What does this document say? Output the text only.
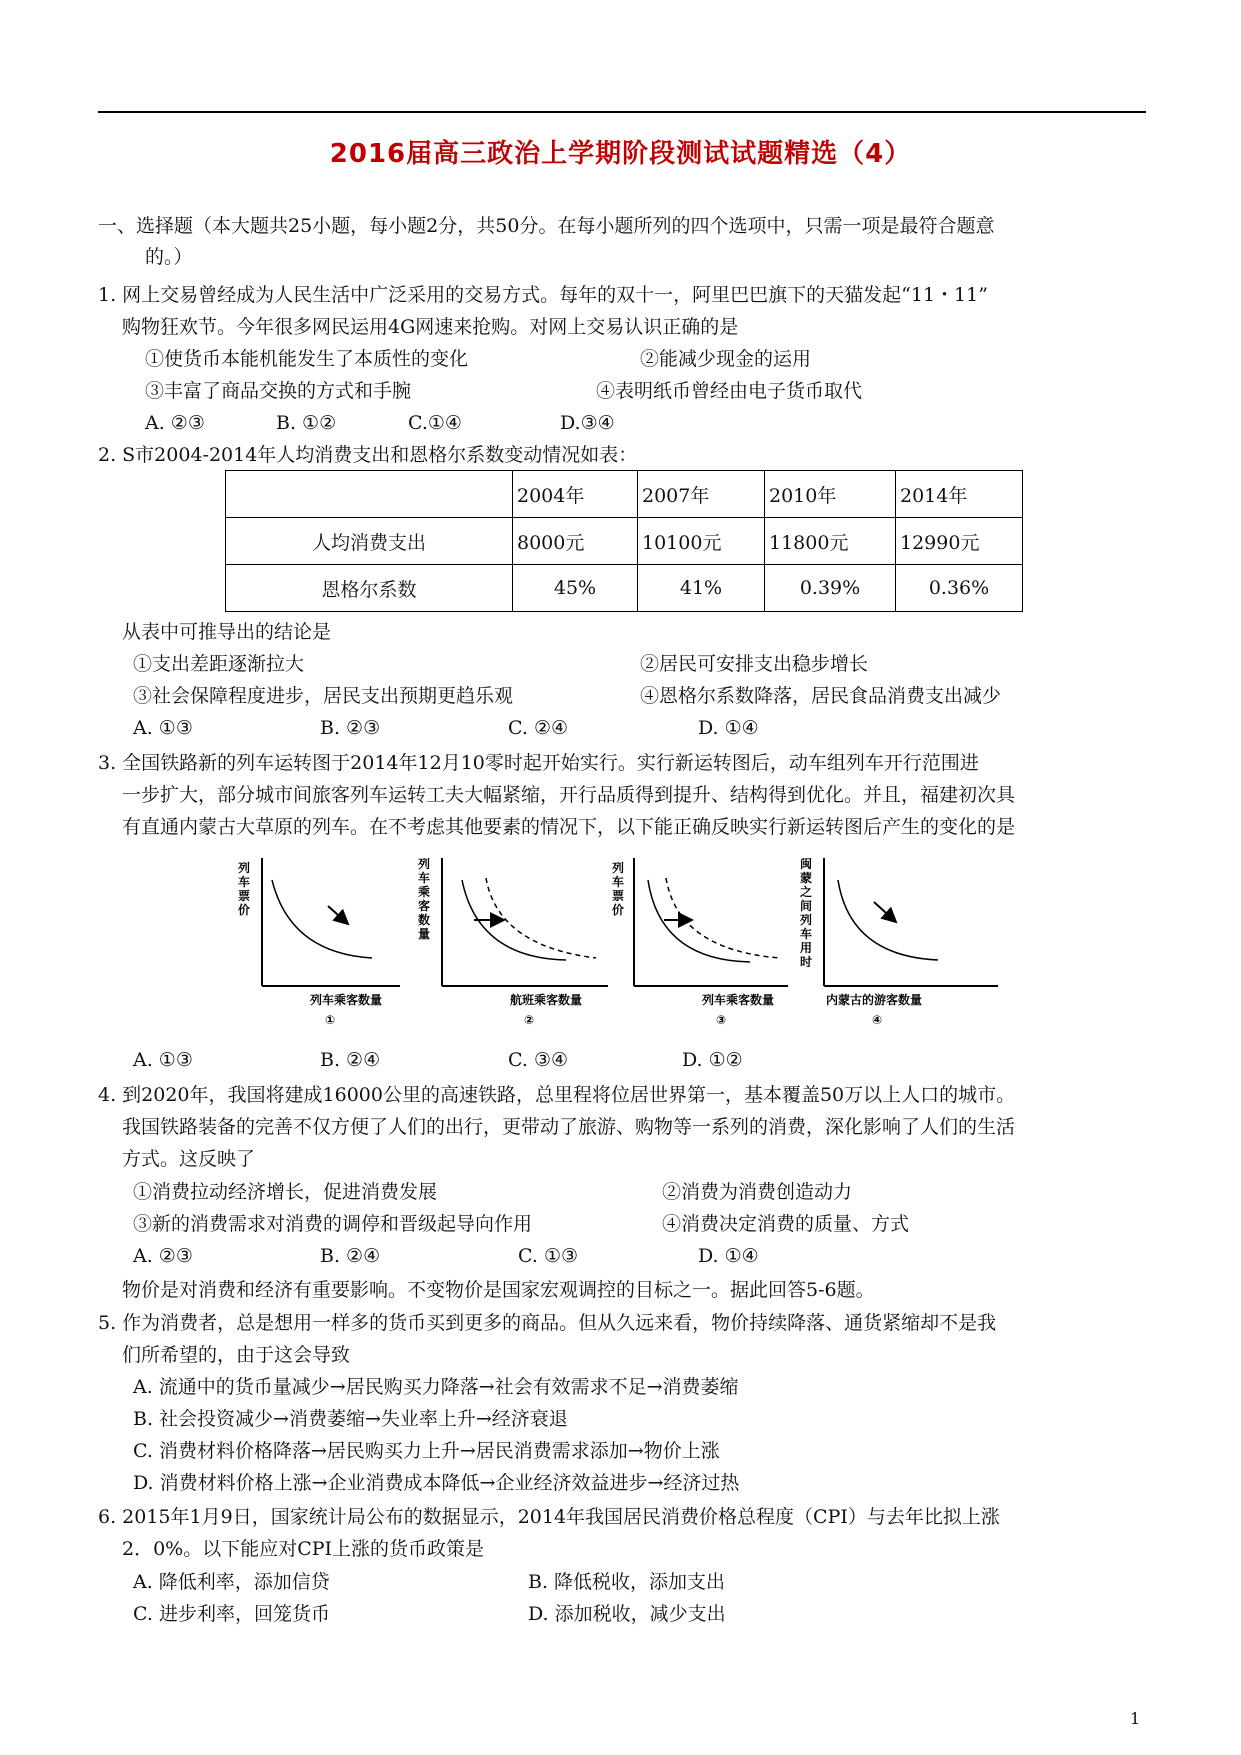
2016届高三政治上学期阶段测试试题精选（4）
一、选择题（本大题共25小题，每小题2分，共50分。在每小题所列的四个选项中，只需一项是最符合题意
的。）
1. 网上交易曾经成为人民生活中广泛采用的交易方式。每年的双十一，阿里巴巴旗下的天猫发起“11・11”
购物狂欢节。今年很多网民运用4G网速来抢购。对网上交易认识正确的是
①使货币本能机能发生了本质性的变化	②能减少现金的运用
③丰富了商品交换的方式和手腕	④表明纸币曾经由电子货币取代
A. ②③	B. ①②	C.①④	D.③④
2. S市2004-2014年人均消费支出和恩格尔系数变动情况如表：
	2004年	2007年	2010年	2014年
人均消费支出	8000元	10100元	11800元	12990元
恩格尔系数	45%	41%	0.39%	0.36%
从表中可推导出的结论是
①支出差距逐渐拉大	②居民可安排支出稳步增长
③社会保障程度进步，居民支出预期更趋乐观	④恩格尔系数降落，居民食品消费支出减少
A. ①③	B. ②③	C. ②④	D. ①④
3. 全国铁路新的列车运转图于2014年12月10零时起开始实行。实行新运转图后，动车组列车开行范围进
一步扩大，部分城市间旅客列车运转工夫大幅紧缩，开行品质得到提升、结构得到优化。并且，福建初次具
有直通内蒙古大草原的列车。在不考虑其他要素的情况下，以下能正确反映实行新运转图后产生的变化的是
列车票价
列车乘客数量
①
列车乘客数量
航班乘客数量
②
列车票价
列车乘客数量
③
闽蒙之间列车用时
内蒙古的游客数量
④
A. ①③	B. ②④	C. ③④	D. ①②
4. 到2020年，我国将建成16000公里的高速铁路，总里程将位居世界第一，基本覆盖50万以上人口的城市。
我国铁路装备的完善不仅方便了人们的出行，更带动了旅游、购物等一系列的消费，深化影响了人们的生活
方式。这反映了
①消费拉动经济增长，促进消费发展	②消费为消费创造动力
③新的消费需求对消费的调停和晋级起导向作用	④消费决定消费的质量、方式
A. ②③	B. ②④	C. ①③	D. ①④
物价是对消费和经济有重要影响。不变物价是国家宏观调控的目标之一。据此回答5-6题。
5. 作为消费者，总是想用一样多的货币买到更多的商品。但从久远来看，物价持续降落、通货紧缩却不是我
们所希望的，由于这会导致
A. 流通中的货币量减少→居民购买力降落→社会有效需求不足→消费萎缩
B. 社会投资减少→消费萎缩→失业率上升→经济衰退
C. 消费材料价格降落→居民购买力上升→居民消费需求添加→物价上涨
D. 消费材料价格上涨→企业消费成本降低→企业经济效益进步→经济过热
6. 2015年1月9日，国家统计局公布的数据显示，2014年我国居民消费价格总程度（CPI）与去年比拟上涨
2．0%。以下能应对CPI上涨的货币政策是
A. 降低利率，添加信贷	B. 降低税收，添加支出
C. 进步利率，回笼货币	D. 添加税收，减少支出
1
